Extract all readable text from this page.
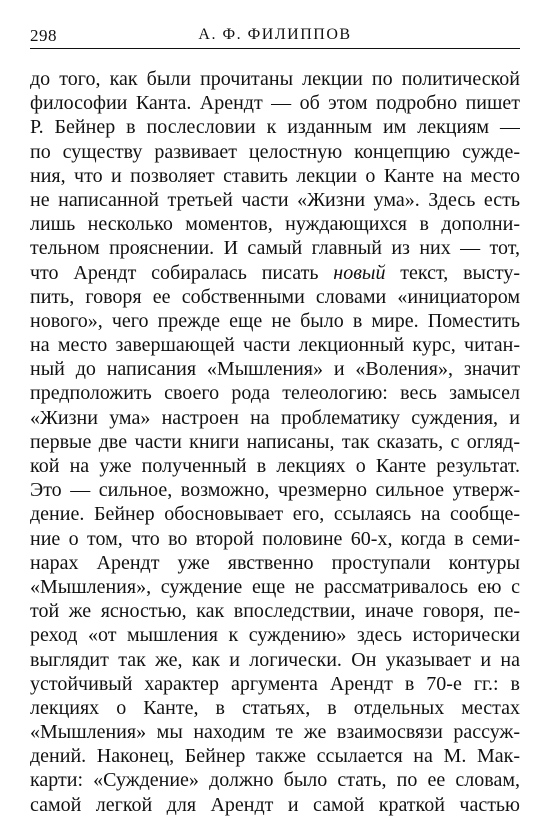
298	А. Ф. ФИЛИППОВ
до того, как были прочитаны лекции по политической
философии Канта. Арендт — об этом подробно пишет
Р. Бейнер в послесловии к изданным им лекциям —
по существу развивает целостную концепцию сужде-
ния, что и позволяет ставить лекции о Канте на место
не написанной третьей части «Жизни ума». Здесь есть
лишь несколько моментов, нуждающихся в дополни-
тельном прояснении. И самый главный из них — тот,
что Арендт собиралась писать новый текст, высту-
пить, говоря ее собственными словами «инициатором
нового», чего прежде еще не было в мире. Поместить
на место завершающей части лекционный курс, читан-
ный до написания «Мышления» и «Воления», значит
предположить своего рода телеологию: весь замысел
«Жизни ума» настроен на проблематику суждения, и
первые две части книги написаны, так сказать, с огляд-
кой на уже полученный в лекциях о Канте результат.
Это — сильное, возможно, чрезмерно сильное утверж-
дение. Бейнер обосновывает его, ссылаясь на сообще-
ние о том, что во второй половине 60-х, когда в семи-
нарах Арендт уже явственно проступали контуры
«Мышления», суждение еще не рассматривалось ею с
той же ясностью, как впоследствии, иначе говоря, пе-
реход «от мышления к суждению» здесь исторически
выглядит так же, как и логически. Он указывает и на
устойчивый характер аргумента Арендт в 70-е гг.: в
лекциях о Канте, в статьях, в отдельных местах
«Мышления» мы находим те же взаимосвязи рассуж-
дений. Наконец, Бейнер также ссылается на М. Мак-
карти: «Суждение» должно было стать, по ее словам,
самой легкой для Арендт и самой краткой частью
